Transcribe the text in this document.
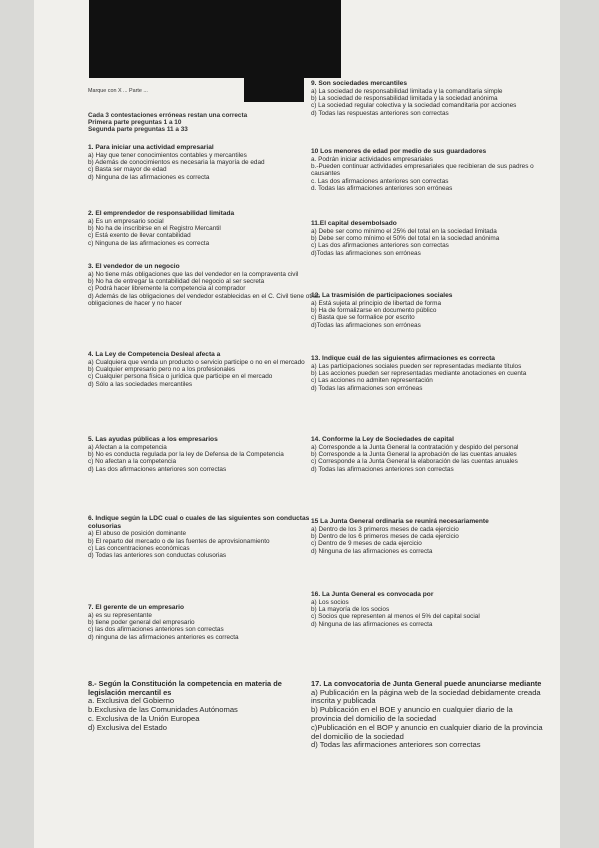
Marque con X ... Parte ...
Cada 3 contestaciones erróneas restan una correcta
Primera parte preguntas 1 a 10
Segunda parte preguntas 11 a 33

1. Para iniciar una actividad empresarial

a) Hay que tener conocimientos contables y mercantiles
b) Además de conocimientos es necesaria la mayoría de edad
c) Basta ser mayor de edad
d) Ninguna de las afirmaciones es correcta

2. El emprendedor de responsabilidad limitada

a) Es un empresario social
b) No ha de inscribirse en el Registro Mercantil
c) Está exento de llevar contabilidad
c) Ninguna de las afirmaciones es correcta

3. El vendedor de un negocio

a) No tiene más obligaciones que las del vendedor en la compraventa civil
b) No ha de entregar la contabilidad del negocio al ser secreta
c) Podrá hacer libremente la competencia al comprador
d) Además de las obligaciones del vendedor establecidas en el C. Civil tiene otras obligaciones de hacer y no hacer

4. La Ley de Competencia Desleal afecta a

a) Cualquiera que venda un producto o servicio participe o no en el mercado
b) Cualquier empresario pero no a los profesionales
c) Cualquier persona física o jurídica que participe en el mercado
d) Sólo a las sociedades mercantiles

5. Las ayudas públicas a los empresarios

a) Afectan a la competencia
b) No es conducta regulada por la ley de Defensa de la Competencia
c) No afectan a la competencia
d) Las dos afirmaciones anteriores son correctas

6. Indique según la LDC cual o cuales de las siguientes son conductas colusorias

a) El abuso de posición dominante
b) El reparto del mercado o de las fuentes de aprovisionamiento
c) Las concentraciones económicas
d) Todas las anteriores son conductas colusorias

7. El gerente de un empresario

a) es su representante
b) tiene poder general del empresario
c) las dos afirmaciones anteriores son correctas
d) ninguna de las afirmaciones anteriores es correcta

8.- Según la Constitución la competencia en materia de legislación mercantil es

a. Exclusiva del Gobierno
b.Exclusiva de las Comunidades Autónomas
c. Exclusiva de la Unión Europea
d) Exclusiva del Estado

9. Son sociedades mercantiles

a) La sociedad de responsabilidad limitada y la comanditaria simple
b) La sociedad de responsabilidad limitada y la sociedad anónima
c) La sociedad regular colectiva y la sociedad comanditaria por acciones
d) Todas las respuestas anteriores son correctas

10 Los menores de edad por medio de sus guardadores

a. Podrán iniciar actividades empresariales
b.-Pueden continuar actividades empresariales que recibieran de sus padres o causantes
c. Las dos afirmaciones anteriores son correctas
d. Todas las afirmaciones anteriores son erróneas

11.El capital desembolsado

a) Debe ser como mínimo el 25% del total en la sociedad limitada
b) Debe ser como mínimo el 50% del total en la sociedad anónima
c) Las dos afirmaciones anteriores son correctas
d)Todas las afirmaciones son erróneas

12. La trasmisión de participaciones sociales

a) Está sujeta al principio de libertad de forma
b) Ha de formalizarse en documento público
c) Basta que se formalice por escrito
d)Todas las afirmaciones son erróneas

13. Indique cuál de las siguientes afirmaciones es correcta

a) Las participaciones sociales pueden ser representadas mediante títulos
b) Las acciones pueden ser representadas mediante anotaciones en cuenta
c) Las acciones no admiten representación
d) Todas las afirmaciones son erróneas

14. Conforme la Ley de Sociedades de capital

a) Corresponde a la Junta General la contratación y despido del personal
b) Corresponde a la Junta General la aprobación de las cuentas anuales
c) Corresponde a la Junta General la elaboración de las cuentas anuales
d) Todas las afirmaciones anteriores son correctas

15 La Junta General ordinaria se reunirá necesariamente

a) Dentro de los 3 primeros meses de cada ejercicio
b) Dentro de los 6 primeros meses de cada ejercicio
c) Dentro de 9 meses de cada ejercicio
d) Ninguna de las afirmaciones es correcta

16. La Junta General es convocada por

a) Los socios
b) La mayoría de los socios
c) Socios que representen al menos el 5% del capital social
d) Ninguna de las afirmaciones es correcta

17. La convocatoria de Junta General puede anunciarse mediante

a) Publicación en la página web de la sociedad debidamente creada inscrita y publicada
b) Publicación en el BOE y anuncio en cualquier diario de la provincia del domicilio de la sociedad
c)Publicación en el BOP y anuncio en cualquier diario de la provincia del domicilio de la sociedad
d) Todas las afirmaciones anteriores son correctas
